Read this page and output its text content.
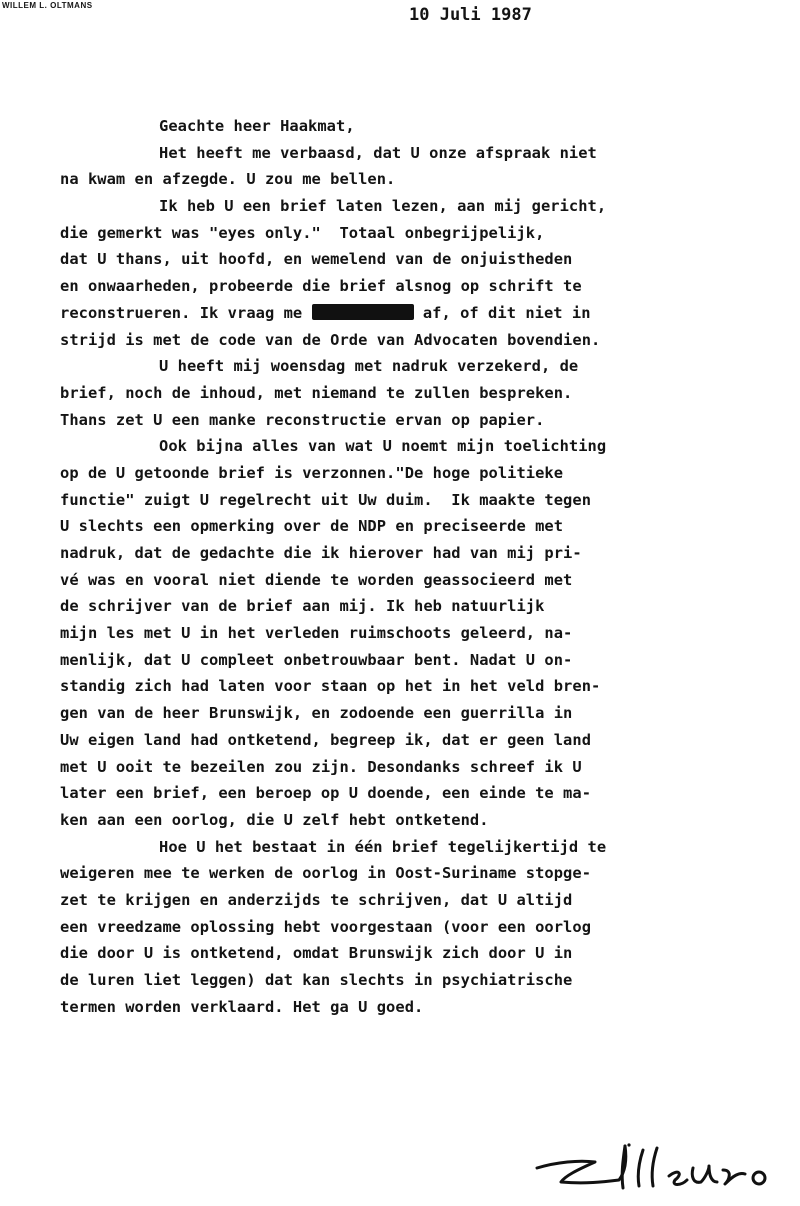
WILLEM L. OLTMANS	10 Juli 1987
Geachte heer Haakmat,
Het heeft me verbaasd, dat U onze afspraak niet
na kwam en afzegde. U zou me bellen.
Ik heb U een brief laten lezen, aan mij gericht,
die gemerkt was "eyes only."  Totaal onbegrijpelijk,
dat U thans, uit hoofd, en wemelend van de onjuistheden
en onwaarheden, probeerde die brief alsnog op schrift te
reconstrueren. Ik vraag me	af, of dit niet in
strijd is met de code van de Orde van Advocaten bovendien.
U heeft mij woensdag met nadruk verzekerd, de
brief, noch de inhoud, met niemand te zullen bespreken.
Thans zet U een manke reconstructie ervan op papier.
Ook bijna alles van wat U noemt mijn toelichting
op de U getoonde brief is verzonnen."De hoge politieke
functie" zuigt U regelrecht uit Uw duim.  Ik maakte tegen
U slechts een opmerking over de NDP en preciseerde met
nadruk, dat de gedachte die ik hierover had van mij pri-
vé was en vooral niet diende te worden geassocieerd met
de schrijver van de brief aan mij. Ik heb natuurlijk
mijn les met U in het verleden ruimschoots geleerd, na-
menlijk, dat U compleet onbetrouwbaar bent. Nadat U on-
standig zich had laten voor staan op het in het veld bren-
gen van de heer Brunswijk, en zodoende een guerrilla in
Uw eigen land had ontketend, begreep ik, dat er geen land
met U ooit te bezeilen zou zijn. Desondanks schreef ik U
later een brief, een beroep op U doende, een einde te ma-
ken aan een oorlog, die U zelf hebt ontketend.
Hoe U het bestaat in één brief tegelijkertijd te
weigeren mee te werken de oorlog in Oost-Suriname stopge-
zet te krijgen en anderzijds te schrijven, dat U altijd
een vreedzame oplossing hebt voorgestaan (voor een oorlog
die door U is ontketend, omdat Brunswijk zich door U in
de luren liet leggen) dat kan slechts in psychiatrische
termen worden verklaard. Het ga U goed.
